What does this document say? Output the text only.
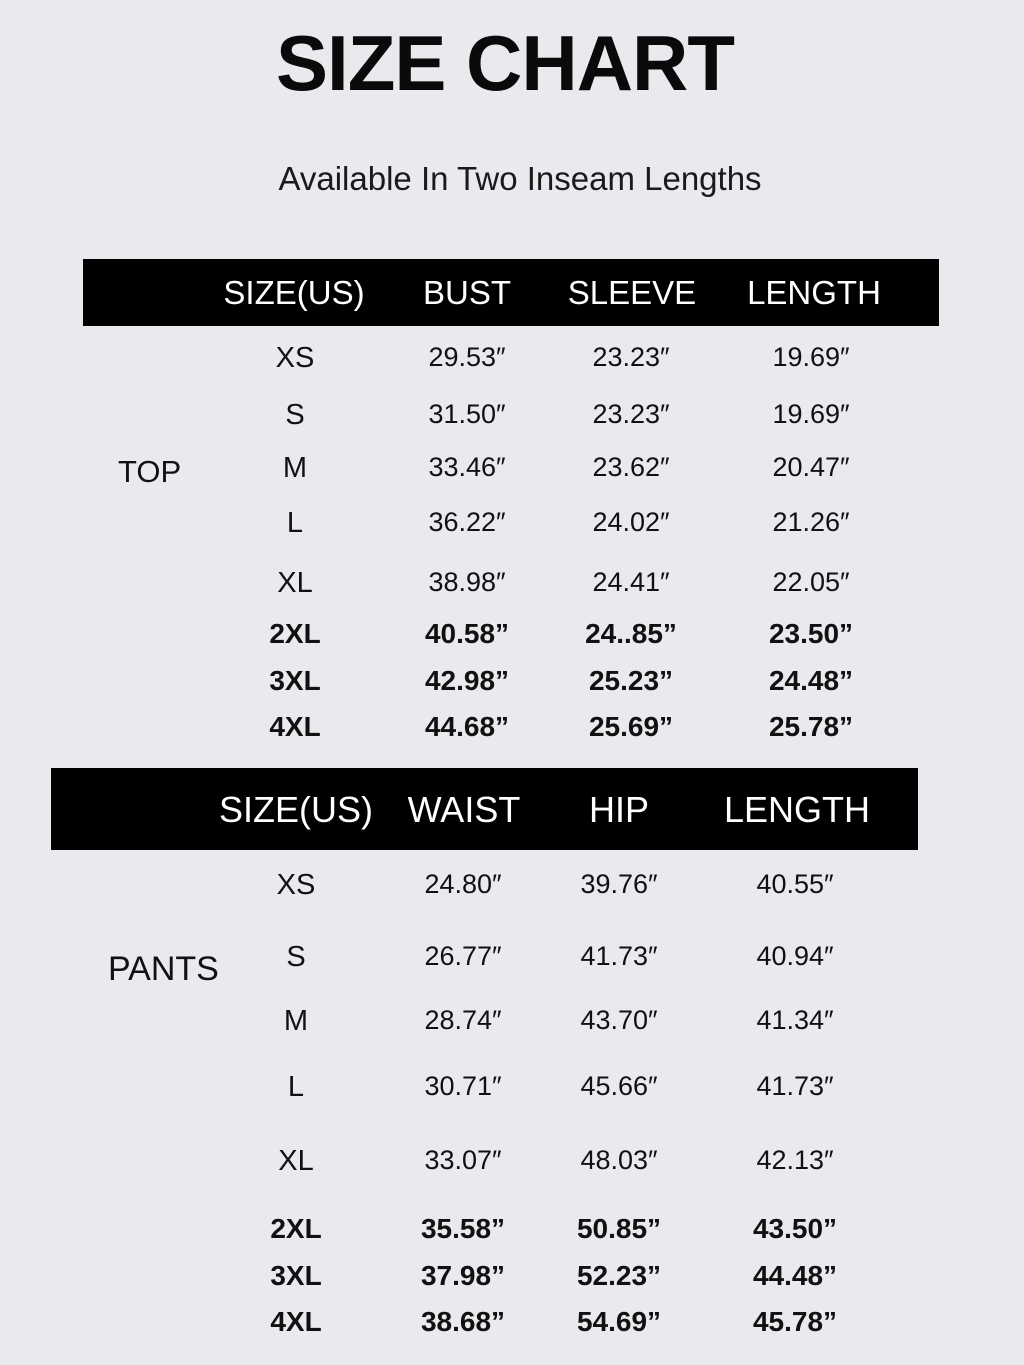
SIZE CHART
Available In Two Inseam Lengths
SIZE(US) BUST SLEEVE LENGTH
TOP
XS	29.53″	23.23″	19.69″
S	31.50″	23.23″	19.69″
M	33.46″	23.62″	20.47″
L	36.22″	24.02″	21.26″
XL	38.98″	24.41″	22.05″
2XL	40.58”	24..85”	23.50”
3XL	42.98”	25.23”	24.48”
4XL	44.68”	25.69”	25.78”
SIZE(US) WAIST HIP LENGTH
PANTS
XS	24.80″	39.76″	40.55″
S	26.77″	41.73″	40.94″
M	28.74″	43.70″	41.34″
L	30.71″	45.66″	41.73″
XL	33.07″	48.03″	42.13″
2XL	35.58”	50.85”	43.50”
3XL	37.98”	52.23”	44.48”
4XL	38.68”	54.69”	45.78”
